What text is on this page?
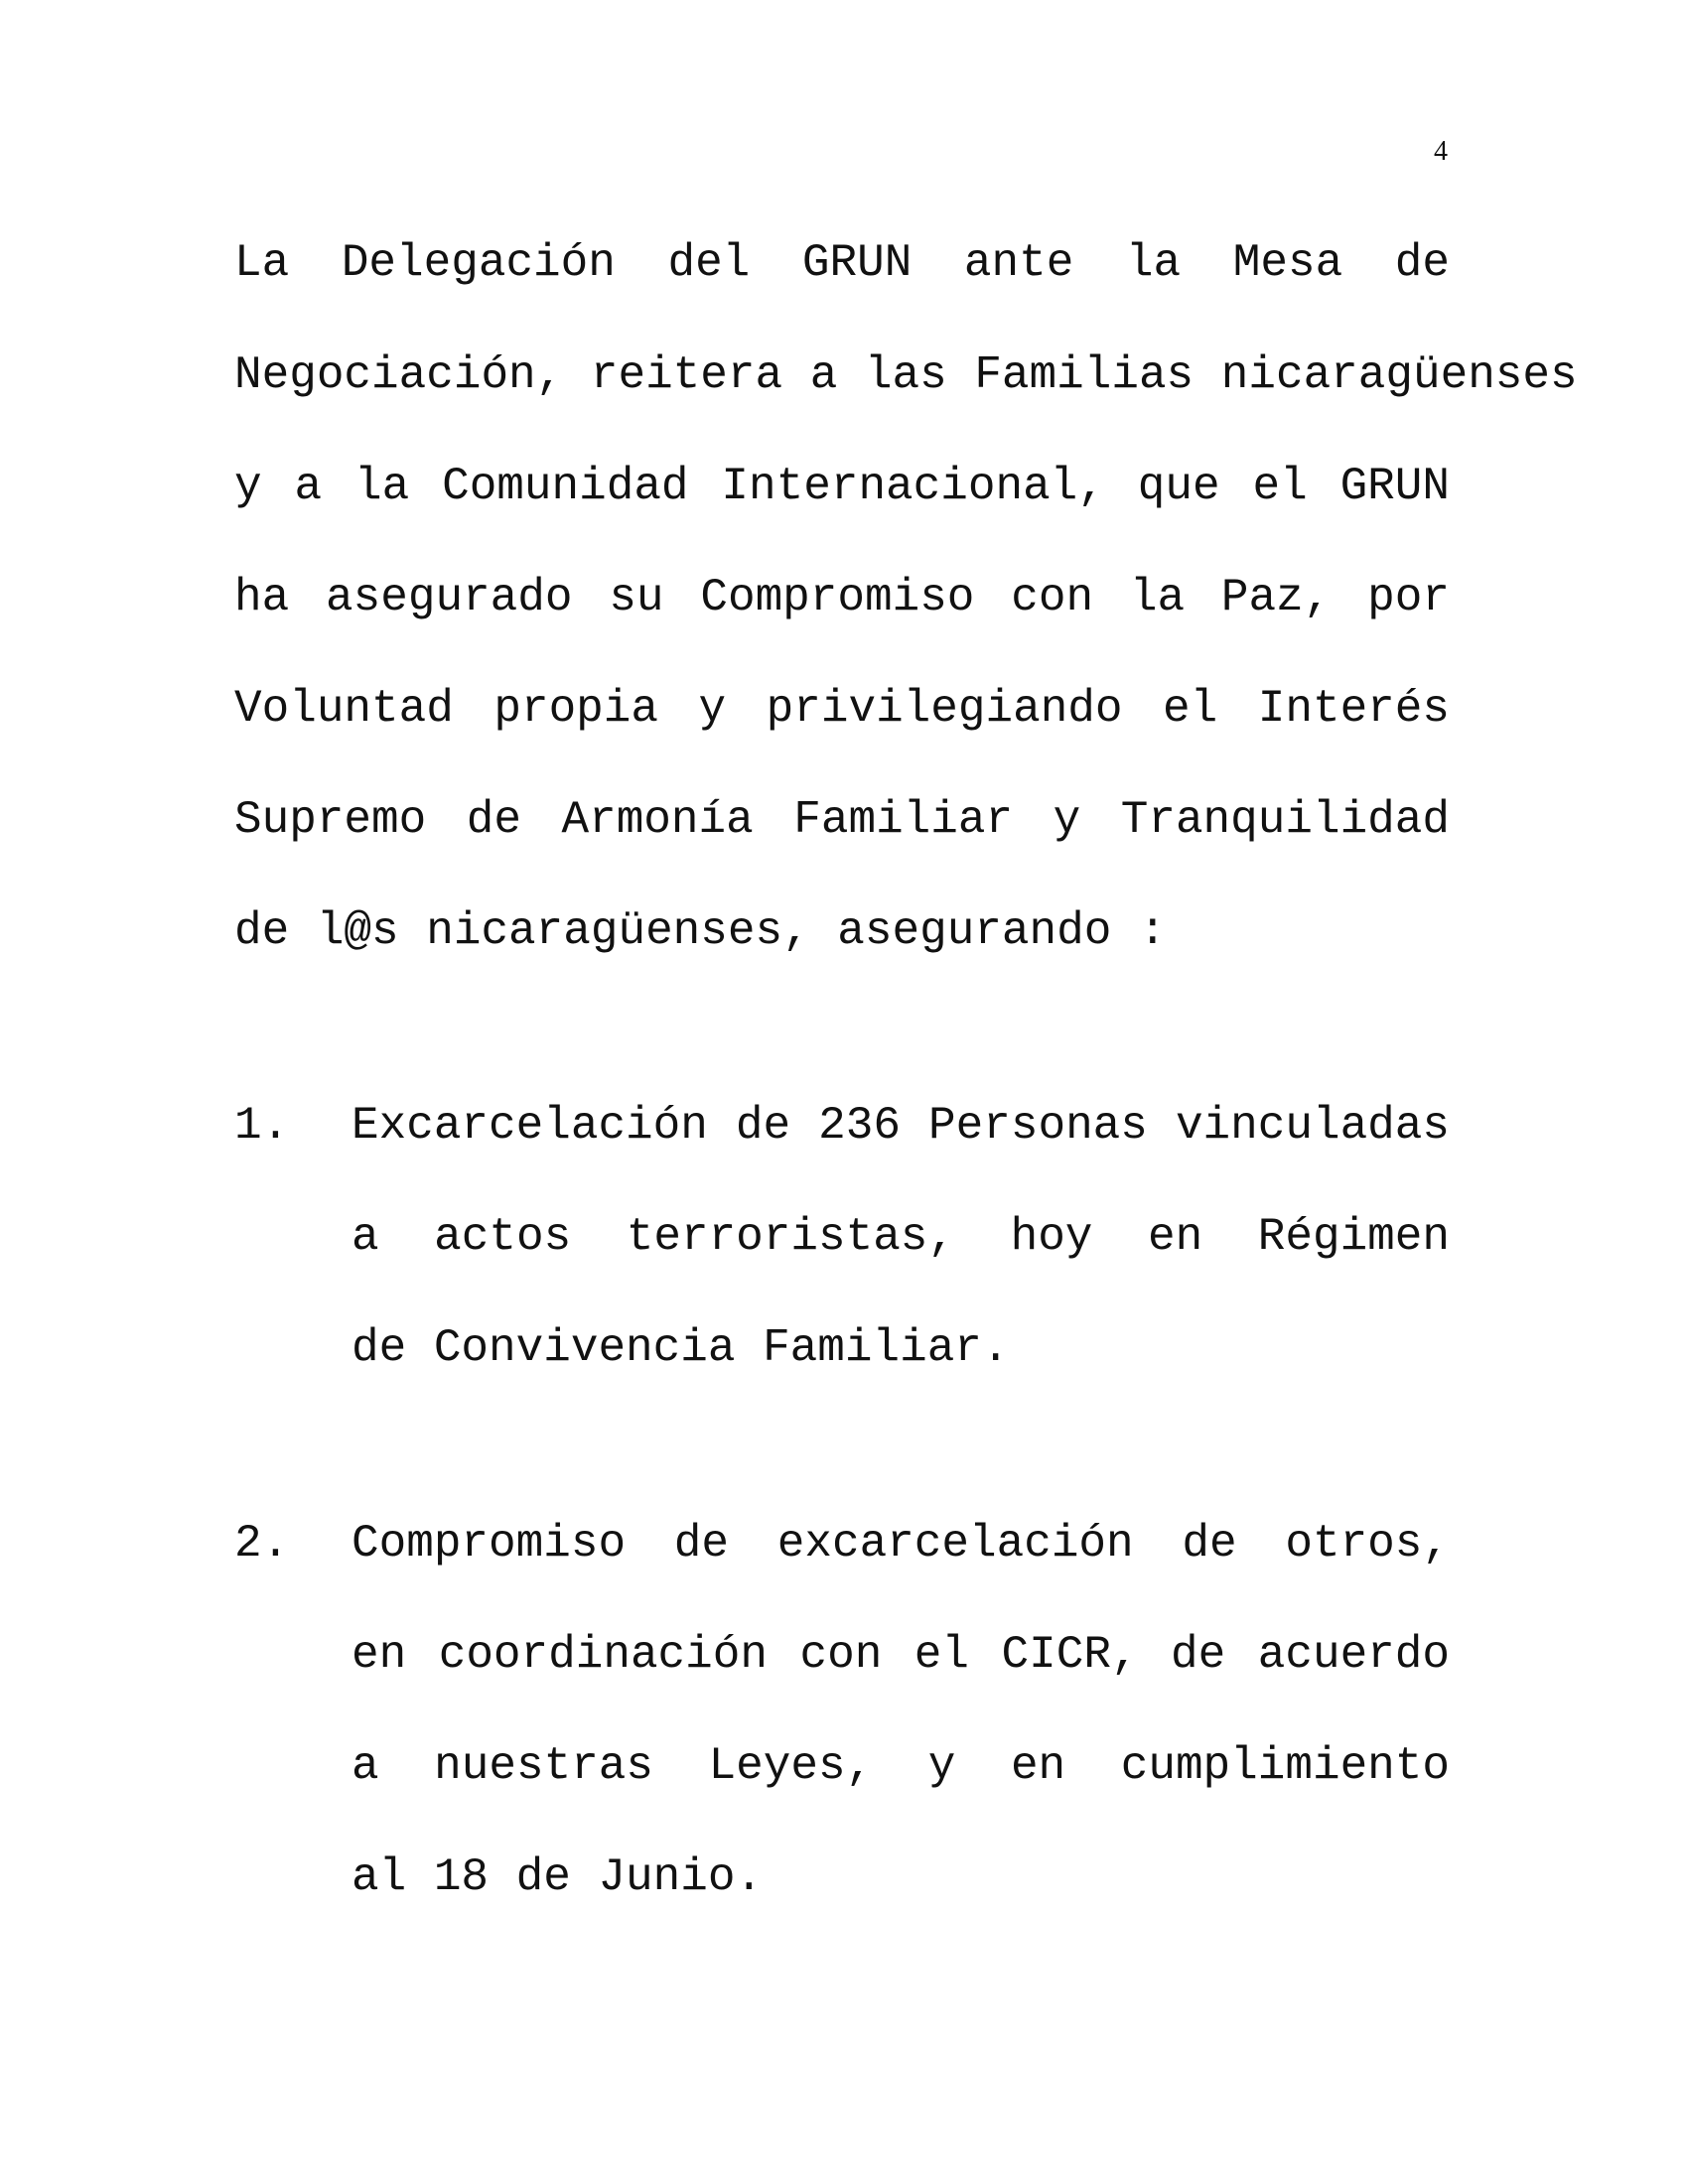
4
La Delegación del GRUN ante la Mesa de
Negociación, reitera a las Familias nicaragüenses
y a la Comunidad Internacional, que el GRUN
ha asegurado su Compromiso con la Paz, por
Voluntad propia y privilegiando el Interés
Supremo de Armonía Familiar y Tranquilidad
de l@s nicaragüenses, asegurando :
1. Excarcelación de 236 Personas vinculadas
a actos terroristas, hoy en Régimen
de Convivencia Familiar.
2. Compromiso de excarcelación de otros,
en coordinación con el CICR, de acuerdo
a nuestras Leyes, y en cumplimiento
al 18 de Junio.
